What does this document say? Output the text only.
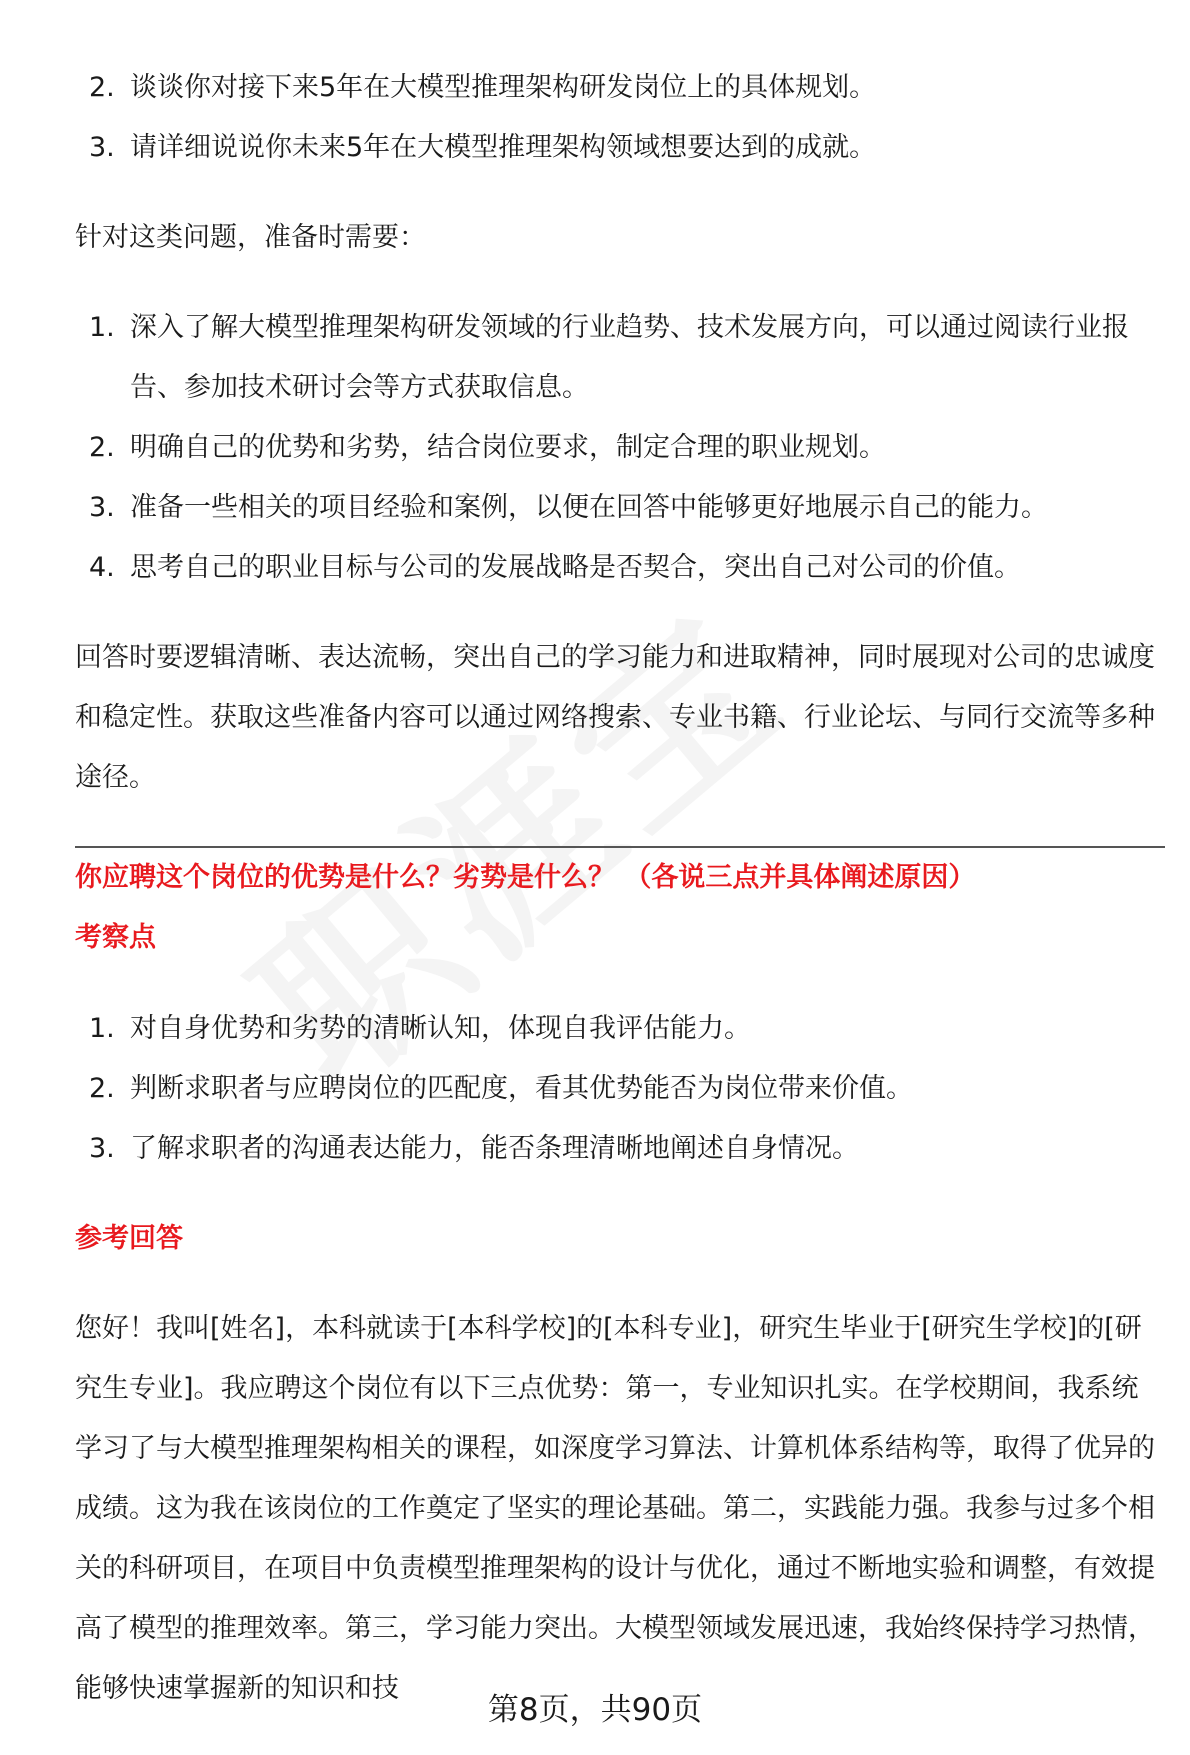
2. 谈谈你对接下来5年在大模型推理架构研发岗位上的具体规划。
3. 请详细说说你未来5年在大模型推理架构领域想要达到的成就。

针对这类问题，准备时需要：

1. 深入了解大模型推理架构研发领域的行业趋势、技术发展方向，可以通过阅读行业报告、参加技术研讨会等方式获取信息。
2. 明确自己的优势和劣势，结合岗位要求，制定合理的职业规划。
3. 准备一些相关的项目经验和案例，以便在回答中能够更好地展示自己的能力。
4. 思考自己的职业目标与公司的发展战略是否契合，突出自己对公司的价值。

回答时要逻辑清晰、表达流畅，突出自己的学习能力和进取精神，同时展现对公司的忠诚度和稳定性。获取这些准备内容可以通过网络搜索、专业书籍、行业论坛、与同行交流等多种途径。

你应聘这个岗位的优势是什么？劣势是什么？ （各说三点并具体阐述原因）

考察点

1. 对自身优势和劣势的清晰认知，体现自我评估能力。
2. 判断求职者与应聘岗位的匹配度，看其优势能否为岗位带来价值。
3. 了解求职者的沟通表达能力，能否条理清晰地阐述自身情况。

参考回答

您好！我叫[姓名]，本科就读于[本科学校]的[本科专业]，研究生毕业于[研究生学校]的[研究生专业]。我应聘这个岗位有以下三点优势：第一，专业知识扎实。在学校期间，我系统学习了与大模型推理架构相关的课程，如深度学习算法、计算机体系结构等，取得了优异的成绩。这为我在该岗位的工作奠定了坚实的理论基础。第二，实践能力强。我参与过多个相关的科研项目，在项目中负责模型推理架构的设计与优化，通过不断地实验和调整，有效提高了模型的推理效率。第三，学习能力突出。大模型领域发展迅速，我始终保持学习热情，能够快速掌握新的知识和技

第8页，共90页
